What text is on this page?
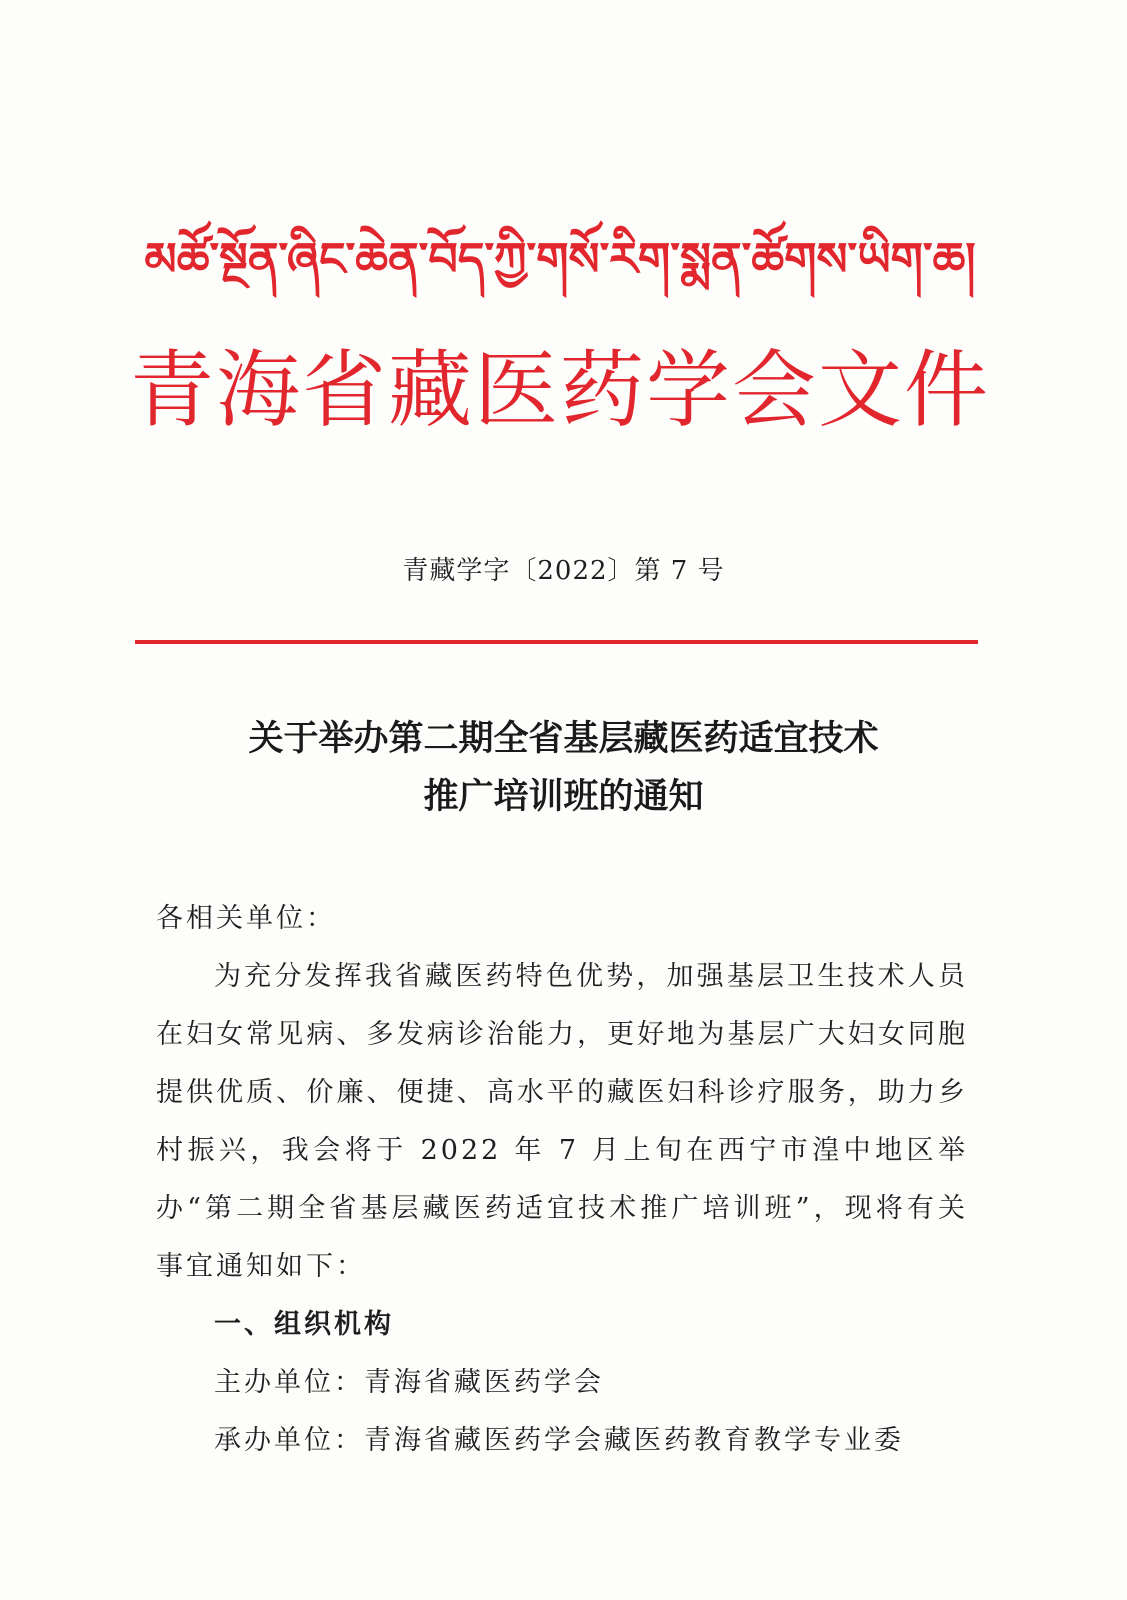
མཚོ་སྔོན་ཞིང་ཆེན་བོད་ཀྱི་གསོ་རིག་སྨན་ཚོགས་ཡིག་ཆ།
青海省藏医药学会文件
青藏学字〔2022〕第 7 号
关于举办第二期全省基层藏医药适宜技术
推广培训班的通知

各相关单位：

为充分发挥我省藏医药特色优势，加强基层卫生技术人员在妇女常见病、多发病诊治能力，更好地为基层广大妇女同胞提供优质、价廉、便捷、高水平的藏医妇科诊疗服务，助力乡村振兴，我会将于 2022 年 7 月上旬在西宁市湟中地区举办“第二期全省基层藏医药适宜技术推广培训班”，现将有关事宜通知如下：

一、组织机构

主办单位：青海省藏医药学会

承办单位：青海省藏医药学会藏医药教育教学专业委
